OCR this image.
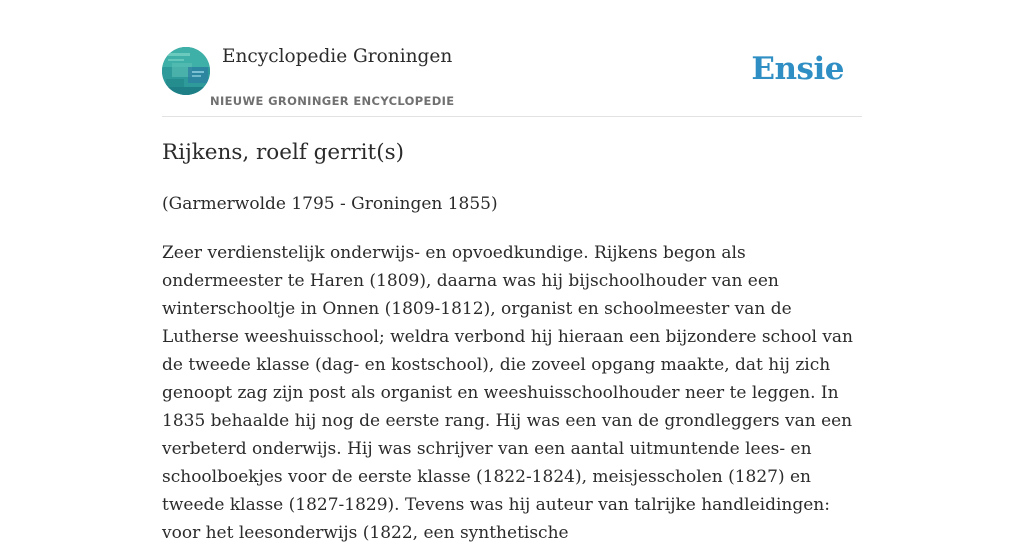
Encyclopedie Groningen
NIEUWE GRONINGER ENCYCLOPEDIE
Ensie
Rijkens, roelf gerrit(s)
(Garmerwolde 1795 - Groningen 1855)

Zeer verdienstelijk onderwijs- en opvoedkundige. Rijkens begon als ondermeester te Haren (1809), daarna was hij bijschoolhouder van een winterschooltje in Onnen (1809-1812), organist en schoolmeester van de Lutherse weeshuisschool; weldra verbond hij hieraan een bijzondere school van de tweede klasse (dag- en kostschool), die zoveel opgang maakte, dat hij zich genoopt zag zijn post als organist en weeshuisschoolhouder neer te leggen. In 1835 behaalde hij nog de eerste rang. Hij was een van de grondleggers van een verbeterd onderwijs. Hij was schrijver van een aantal uitmuntende lees- en schoolboekjes voor de eerste klasse (1822-1824), meisjesscholen (1827) en tweede klasse (1827-1829). Tevens was hij auteur van talrijke handleidingen: voor het leesonderwijs (1822, een synthetische
